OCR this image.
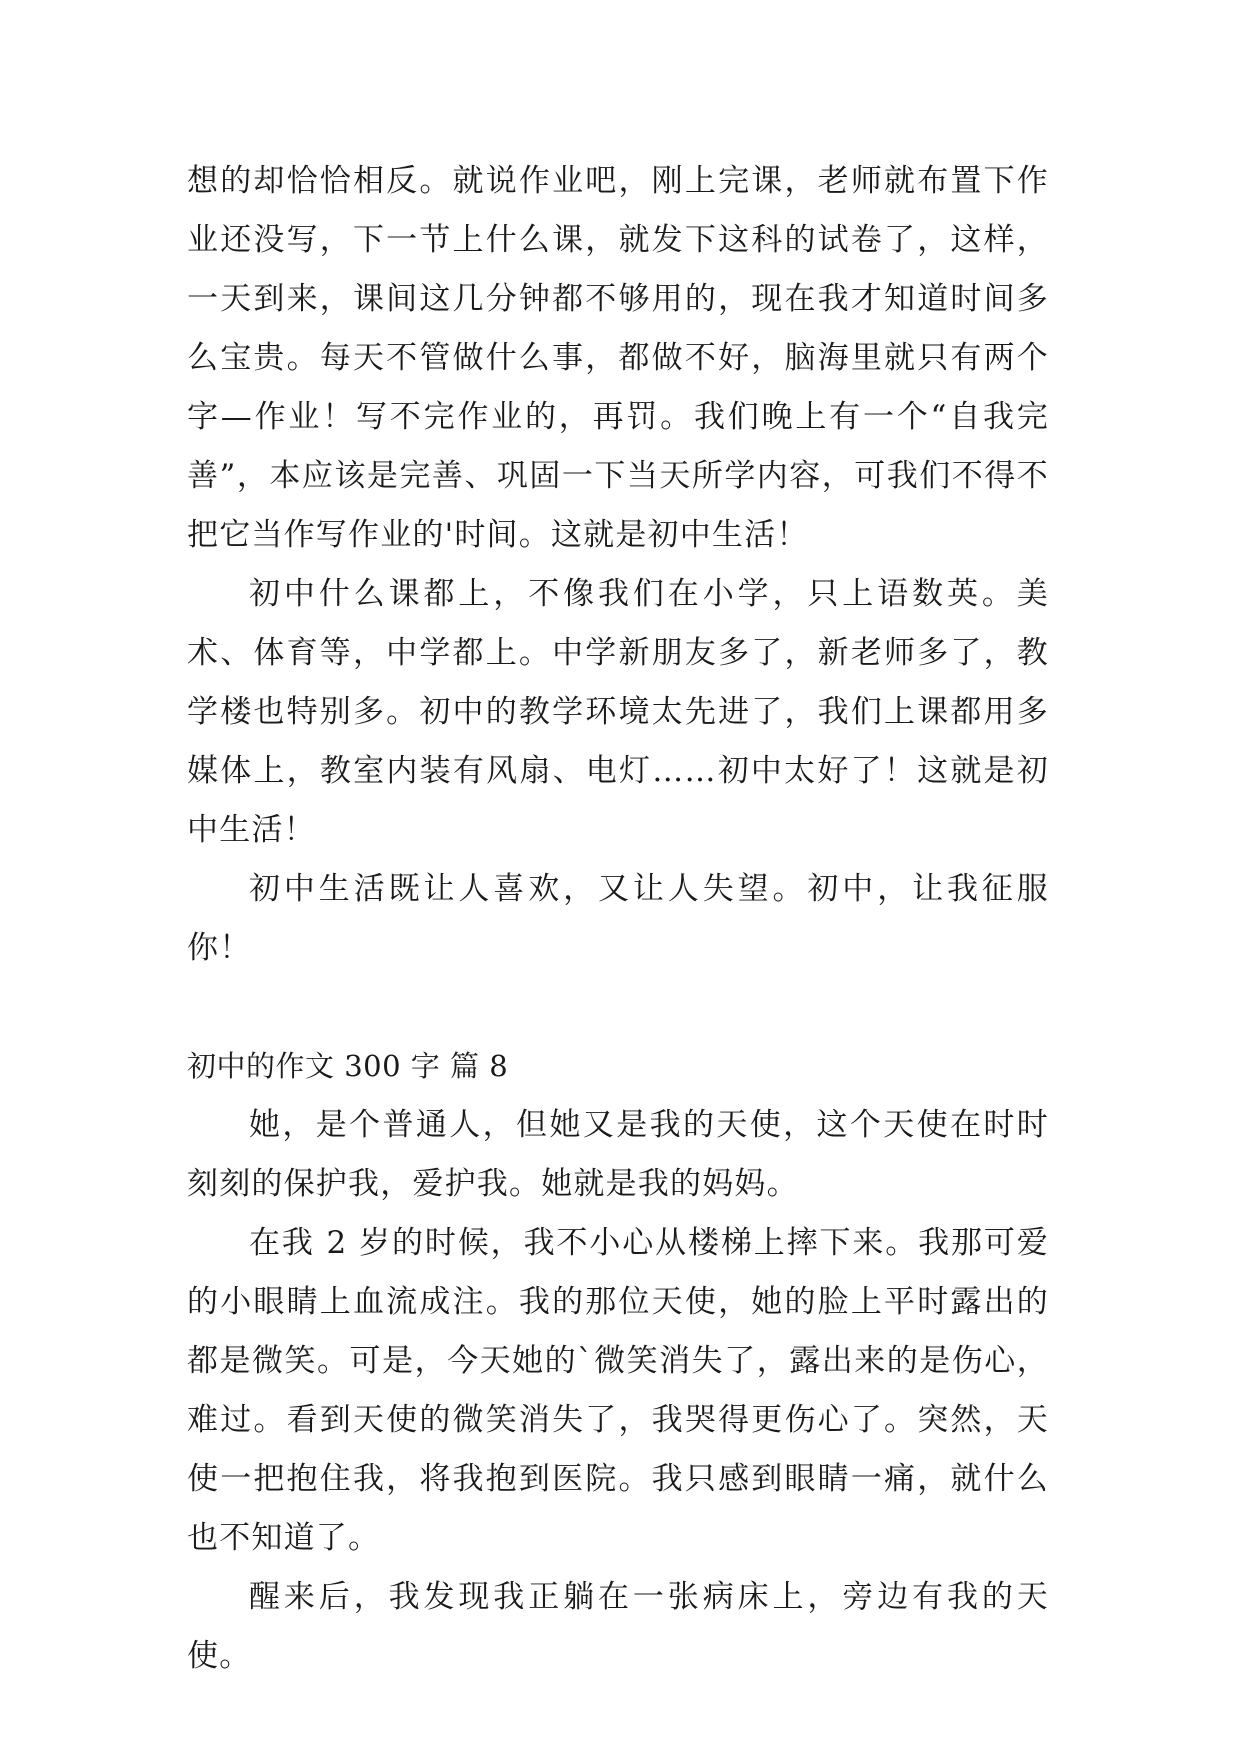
想的却恰恰相反。就说作业吧，刚上完课，老师就布置下作业还没写，下一节上什么课，就发下这科的试卷了，这样，一天到来，课间这几分钟都不够用的，现在我才知道时间多么宝贵。每天不管做什么事，都做不好，脑海里就只有两个字—作业！写不完作业的，再罚。我们晚上有一个“自我完善”，本应该是完善、巩固一下当天所学内容，可我们不得不把它当作写作业的'时间。这就是初中生活！

初中什么课都上，不像我们在小学，只上语数英。美术、体育等，中学都上。中学新朋友多了，新老师多了，教学楼也特别多。初中的教学环境太先进了，我们上课都用多媒体上，教室内装有风扇、电灯……初中太好了！这就是初中生活！

初中生活既让人喜欢，又让人失望。初中，让我征服你！

初中的作文 300 字 篇 8

她，是个普通人，但她又是我的天使，这个天使在时时刻刻的保护我，爱护我。她就是我的妈妈。

在我 2 岁的时候，我不小心从楼梯上摔下来。我那可爱的小眼睛上血流成注。我的那位天使，她的脸上平时露出的都是微笑。可是，今天她的`微笑消失了，露出来的是伤心，难过。看到天使的微笑消失了，我哭得更伤心了。突然，天使一把抱住我，将我抱到医院。我只感到眼睛一痛，就什么也不知道了。

醒来后，我发现我正躺在一张病床上，旁边有我的天使。
